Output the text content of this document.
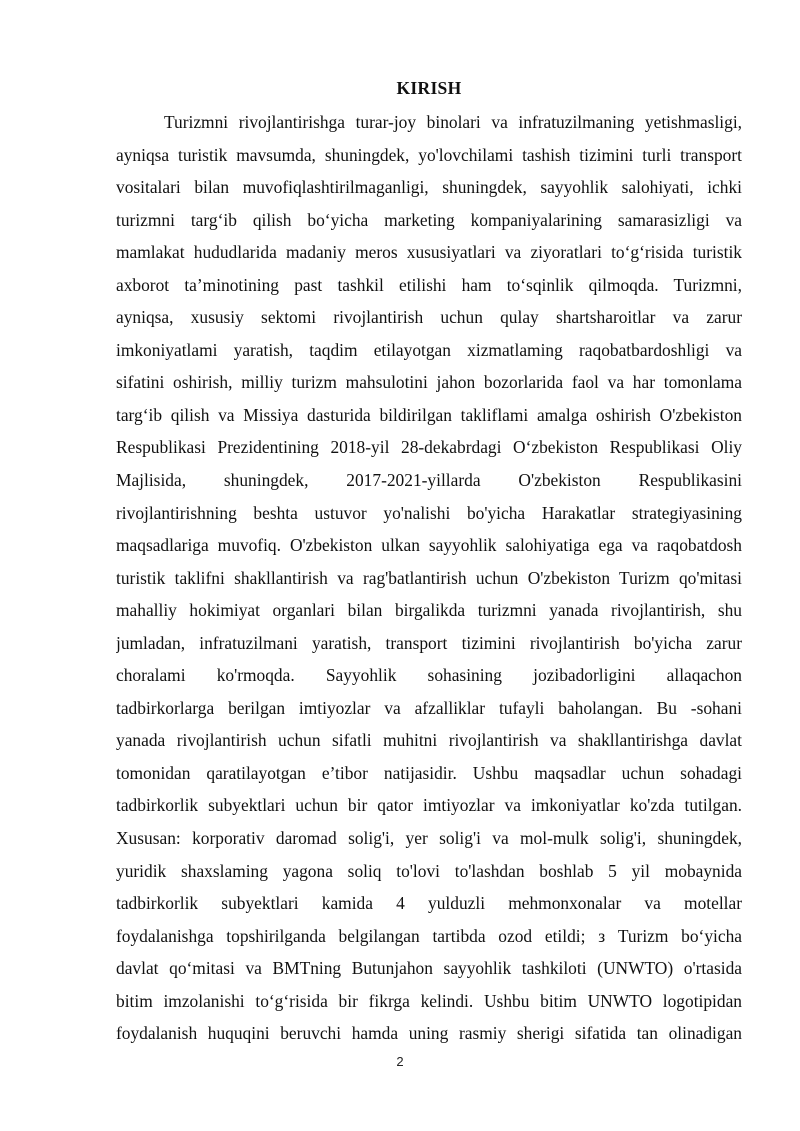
KIRISH
Turizmni rivojlantirishga turar-joy binolari va infratuzilmaning yetishmasligi,
ayniqsa turistik mavsumda, shuningdek, yo'lovchilami tashish tizimini turli transport
vositalari bilan muvofiqlashtirilmaganligi, shuningdek, sayyohlik salohiyati, ichki
turizmni targ‘ib qilish bo‘yicha marketing kompaniyalarining samarasizligi va
mamlakat hududlarida madaniy meros xususiyatlari va ziyoratlari to‘g‘risida turistik
axborot ta’minotining past tashkil etilishi ham to‘sqinlik qilmoqda. Turizmni,
ayniqsa, xususiy sektomi rivojlantirish uchun qulay shartsharoitlar va zarur
imkoniyatlami yaratish, taqdim etilayotgan xizmatlaming raqobatbardoshligi va
sifatini oshirish, milliy turizm mahsulotini jahon bozorlarida faol va har tomonlama
targ‘ib qilish va Missiya dasturida bildirilgan takliflami amalga oshirish O'zbekiston
Respublikasi Prezidentining 2018-yil 28-dekabrdagi O‘zbekiston Respublikasi Oliy
Majlisida, shuningdek, 2017-2021-yillarda O'zbekiston Respublikasini
rivojlantirishning beshta ustuvor yo'nalishi bo'yicha Harakatlar strategiyasining
maqsadlariga muvofiq. O'zbekiston ulkan sayyohlik salohiyatiga ega va raqobatdosh
turistik taklifni shakllantirish va rag'batlantirish uchun O'zbekiston Turizm qo'mitasi
mahalliy hokimiyat organlari bilan birgalikda turizmni yanada rivojlantirish, shu
jumladan, infratuzilmani yaratish, transport tizimini rivojlantirish bo'yicha zarur
choralami ko'rmoqda. Sayyohlik sohasining jozibadorligini allaqachon
tadbirkorlarga berilgan imtiyozlar va afzalliklar tufayli baholangan. Bu -sohani
yanada rivojlantirish uchun sifatli muhitni rivojlantirish va shakllantirishga davlat
tomonidan qaratilayotgan e’tibor natijasidir. Ushbu maqsadlar uchun sohadagi
tadbirkorlik subyektlari uchun bir qator imtiyozlar va imkoniyatlar ko'zda tutilgan.
Xususan: korporativ daromad solig'i, yer solig'i va mol-mulk solig'i, shuningdek,
yuridik shaxslaming yagona soliq to'lovi to'lashdan boshlab 5 yil mobaynida
tadbirkorlik subyektlari kamida 4 yulduzli mehmonxonalar va motellar
foydalanishga topshirilganda belgilangan tartibda ozod etildi; з Turizm bo‘yicha
davlat qo‘mitasi va BMTning Butunjahon sayyohlik tashkiloti (UNWTO) o'rtasida
bitim imzolanishi to‘g‘risida bir fikrga kelindi. Ushbu bitim UNWTO logotipidan
foydalanish huquqini beruvchi hamda uning rasmiy sherigi sifatida tan olinadigan
2
